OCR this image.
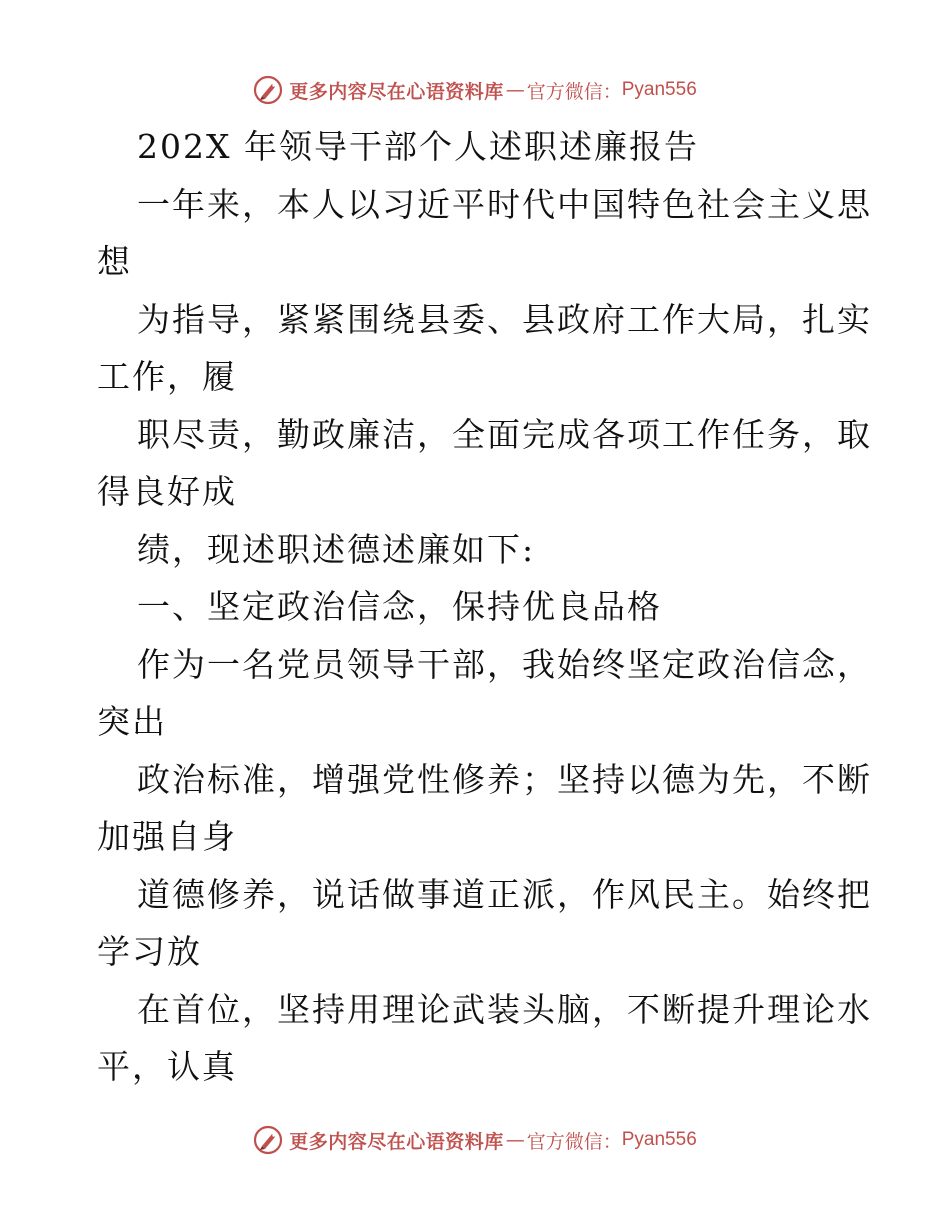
更多内容尽在心语资料库 — 官方微信： Pyan556
202X 年领导干部个人述职述廉报告
一年来，本人以习近平时代中国特色社会主义思
想
为指导，紧紧围绕县委、县政府工作大局，扎实
工作，履
职尽责，勤政廉洁，全面完成各项工作任务，取
得良好成
绩，现述职述德述廉如下:
一、坚定政治信念，保持优良品格
作为一名党员领导干部，我始终坚定政治信念，
突出
政治标准，增强党性修养；坚持以德为先，不断
加强自身
道德修养，说话做事道正派，作风民主。始终把
学习放
在首位，坚持用理论武装头脑，不断提升理论水
平，认真
更多内容尽在心语资料库 — 官方微信： Pyan556
